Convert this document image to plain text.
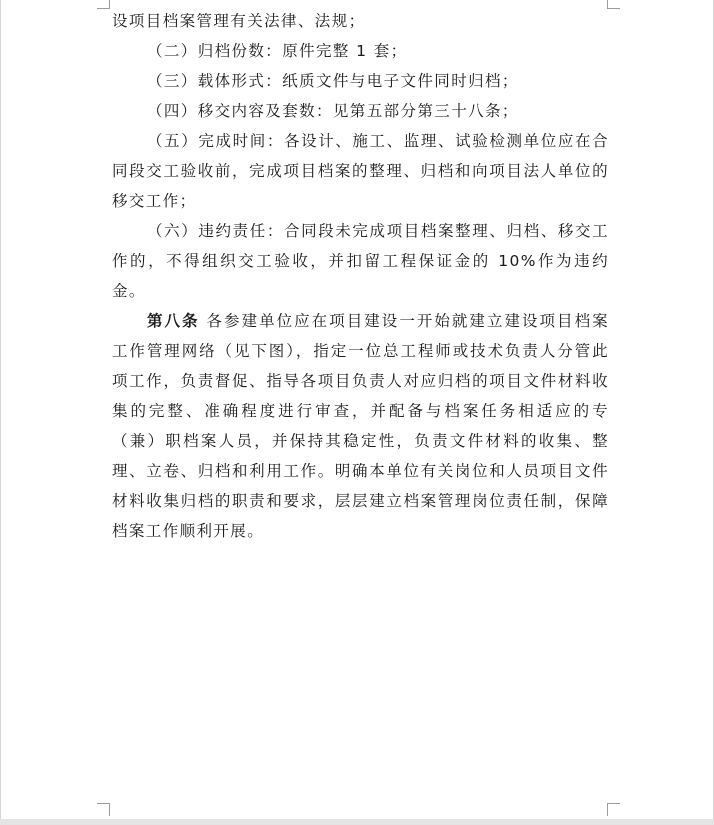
设项目档案管理有关法律、法规；

（二）归档份数：原件完整 1 套；

（三）载体形式：纸质文件与电子文件同时归档；

（四）移交内容及套数：见第五部分第三十八条；

（五）完成时间：各设计、施工、监理、试验检测单位应在合同段交工验收前，完成项目档案的整理、归档和向项目法人单位的移交工作；

（六）违约责任：合同段未完成项目档案整理、归档、移交工作的，不得组织交工验收，并扣留工程保证金的 10%作为违约金。

第八条 各参建单位应在项目建设一开始就建立建设项目档案工作管理网络（见下图），指定一位总工程师或技术负责人分管此项工作，负责督促、指导各项目负责人对应归档的项目文件材料收集的完整、准确程度进行审查，并配备与档案任务相适应的专（兼）职档案人员，并保持其稳定性，负责文件材料的收集、整理、立卷、归档和利用工作。明确本单位有关岗位和人员项目文件材料收集归档的职责和要求，层层建立档案管理岗位责任制，保障档案工作顺利开展。
